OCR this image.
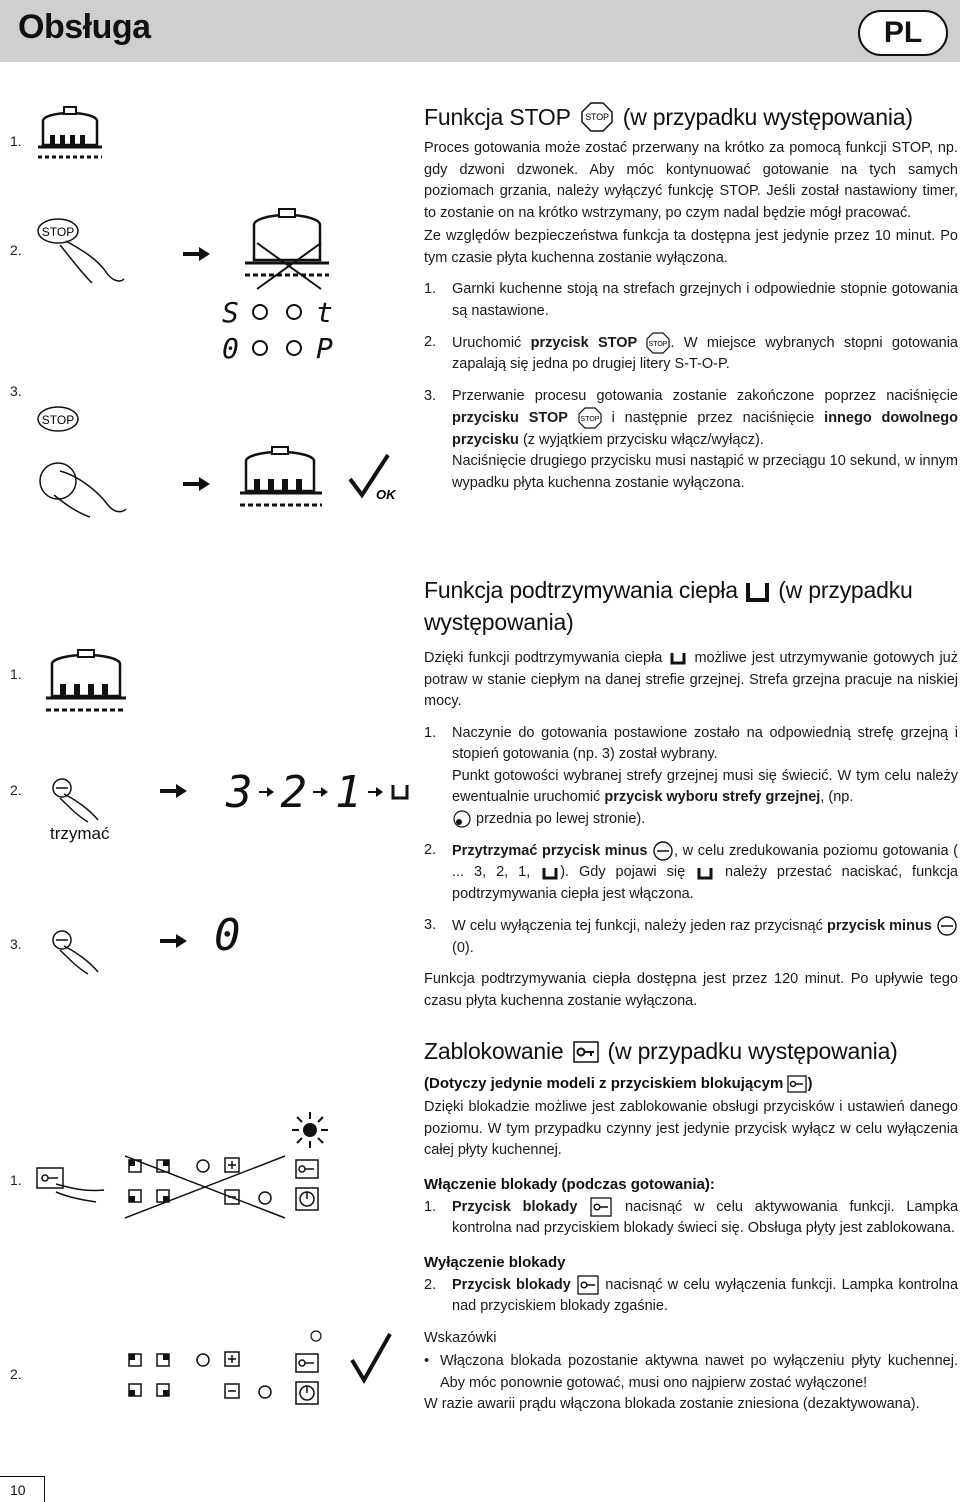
Obsługa	PL
1.
2.
3.
STOP
S	t
0	P
STOP
OK
Funkcja STOP STOP (w przypadku występowania)
Proces gotowania może zostać przerwany na krótko za pomocą funkcji STOP, np. gdy dzwoni dzwonek. Aby móc kontynuować gotowanie na tych samych poziomach grzania, należy wyłączyć funkcję STOP. Jeśli został nastawiony timer, to zostanie on na krótko wstrzymany, po czym nadal będzie mógł pracować.
Ze względów bezpieczeństwa funkcja ta dostępna jest jedynie przez 10 minut. Po tym czasie płyta kuchenna zostanie wyłączona.
1. Garnki kuchenne stoją na strefach grzejnych i odpowiednie stopnie gotowania są nastawione.
2. Uruchomić przycisk STOP STOP . W miejsce wybranych stopni gotowania zapalają się jedna po drugiej litery S-T-O-P.
3. Przerwanie procesu gotowania zostanie zakończone poprzez naciśnięcie przycisku STOP STOP i następnie przez naciśnięcie innego dowolnego przycisku (z wyjątkiem przycisku włącz/wyłącz).
Naciśnięcie drugiego przycisku musi nastąpić w przeciągu 10 sekund, w innym wypadku płyta kuchenna zostanie wyłączona.
1.
2.
3.
trzymać
3 2 1
0
Funkcja podtrzymywania ciepła (w przypadku
występowania)
Dzięki funkcji podtrzymywania ciepła możliwe jest utrzymywanie gotowych już potraw w stanie ciepłym na danej strefie grzejnej. Strefa grzejna pracuje na niskiej mocy.
1. Naczynie do gotowania postawione zostało na odpowiednią strefę grzejną i stopień gotowania (np. 3) został wybrany.
Punkt gotowości wybranej strefy grzejnej musi się świecić. W tym celu należy ewentualnie uruchomić przycisk wyboru strefy grzejnej, (np.
przednia po lewej stronie).
2. Przytrzymać przycisk minus , w celu zredukowania poziomu gotowania ( ... 3, 2, 1, ). Gdy pojawi się	należy przestać naciskać, funkcja podtrzymywania ciepła jest włączona.
3. W celu wyłączenia tej funkcji, należy jeden raz przycisnąć przycisk minus  (0).
Funkcja podtrzymywania ciepła dostępna jest przez 120 minut. Po upływie tego czasu płyta kuchenna zostanie wyłączona.
1.
2.
Zablokowanie (w przypadku występowania)
(Dotyczy jedynie modeli z przyciskiem blokującym )
Dzięki blokadzie możliwe jest zablokowanie obsługi przycisków i ustawień danego poziomu. W tym przypadku czynny jest jedynie przycisk wyłącz w celu wyłączenia całej płyty kuchennej.
Włączenie blokady (podczas gotowania):
1. Przycisk blokady	nacisnąć w celu aktywowania funkcji. Lampka kontrolna nad przyciskiem blokady świeci się. Obsługa płyty jest zablokowana.
Wyłączenie blokady
2. Przycisk blokady nacisnąć w celu wyłączenia funkcji. Lampka kontrolna nad przyciskiem blokady zgaśnie.
Wskazówki
• Włączona blokada pozostanie aktywna nawet po wyłączeniu płyty kuchennej. Aby móc ponownie gotować, musi ono najpierw zostać wyłączone!
W razie awarii prądu włączona blokada zostanie zniesiona (dezaktywowana).
10
